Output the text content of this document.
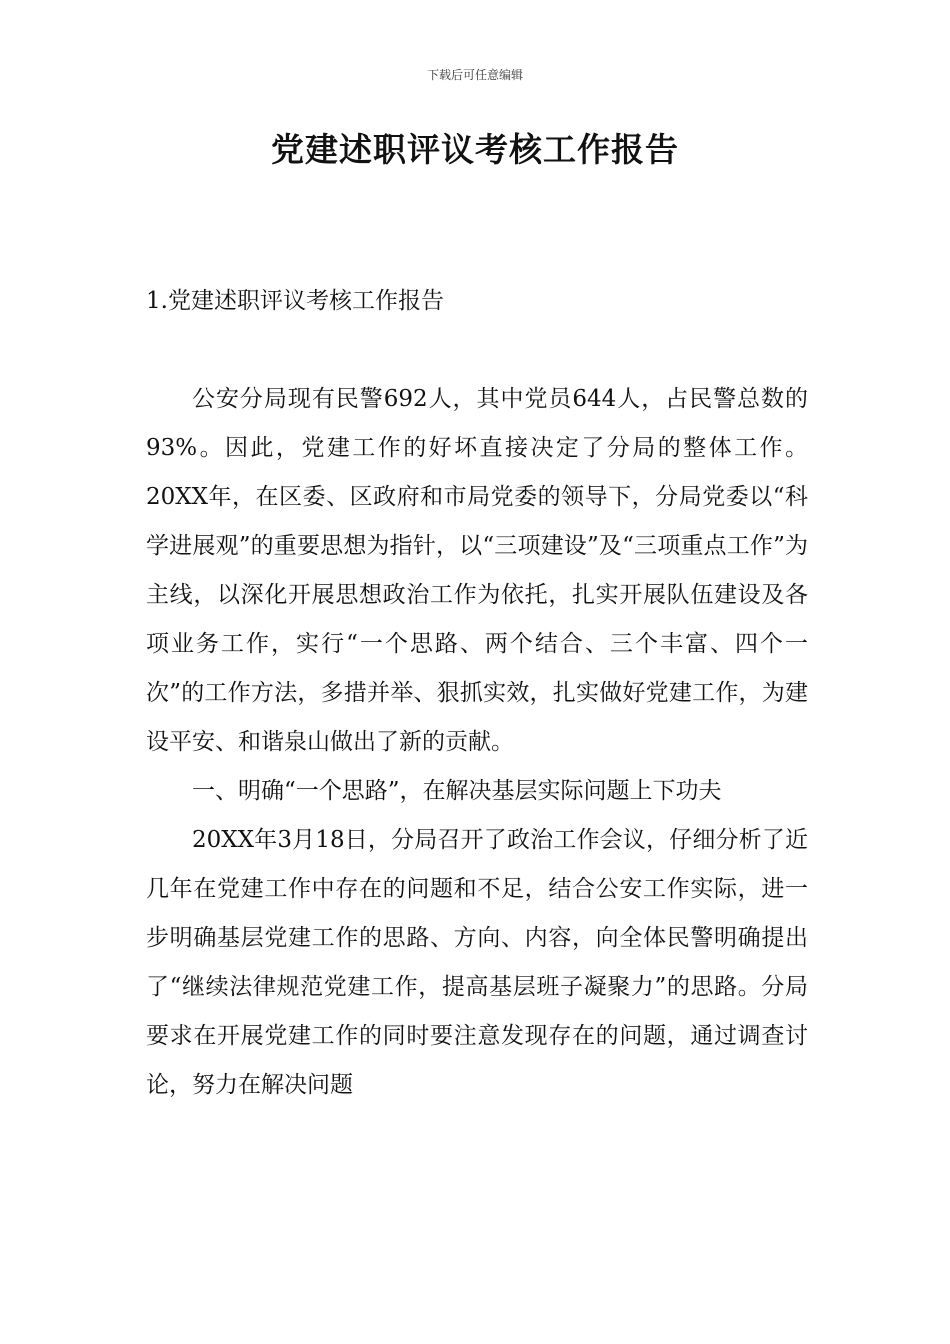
下载后可任意编辑
党建述职评议考核工作报告
1.党建述职评议考核工作报告

公安分局现有民警692人，其中党员644人，占民警总数的93%。因此，党建工作的好坏直接决定了分局的整体工作。20XX年，在区委、区政府和市局党委的领导下，分局党委以“科学进展观”的重要思想为指针，以“三项建设”及“三项重点工作”为主线，以深化开展思想政治工作为依托，扎实开展队伍建设及各项业务工作，实行“一个思路、两个结合、三个丰富、四个一次”的工作方法，多措并举、狠抓实效，扎实做好党建工作，为建设平安、和谐泉山做出了新的贡献。

一、明确“一个思路”，在解决基层实际问题上下功夫

20XX年3月18日，分局召开了政治工作会议，仔细分析了近几年在党建工作中存在的问题和不足，结合公安工作实际，进一步明确基层党建工作的思路、方向、内容，向全体民警明确提出了“继续法律规范党建工作，提高基层班子凝聚力”的思路。分局要求在开展党建工作的同时要注意发现存在的问题，通过调查讨论，努力在解决问题
